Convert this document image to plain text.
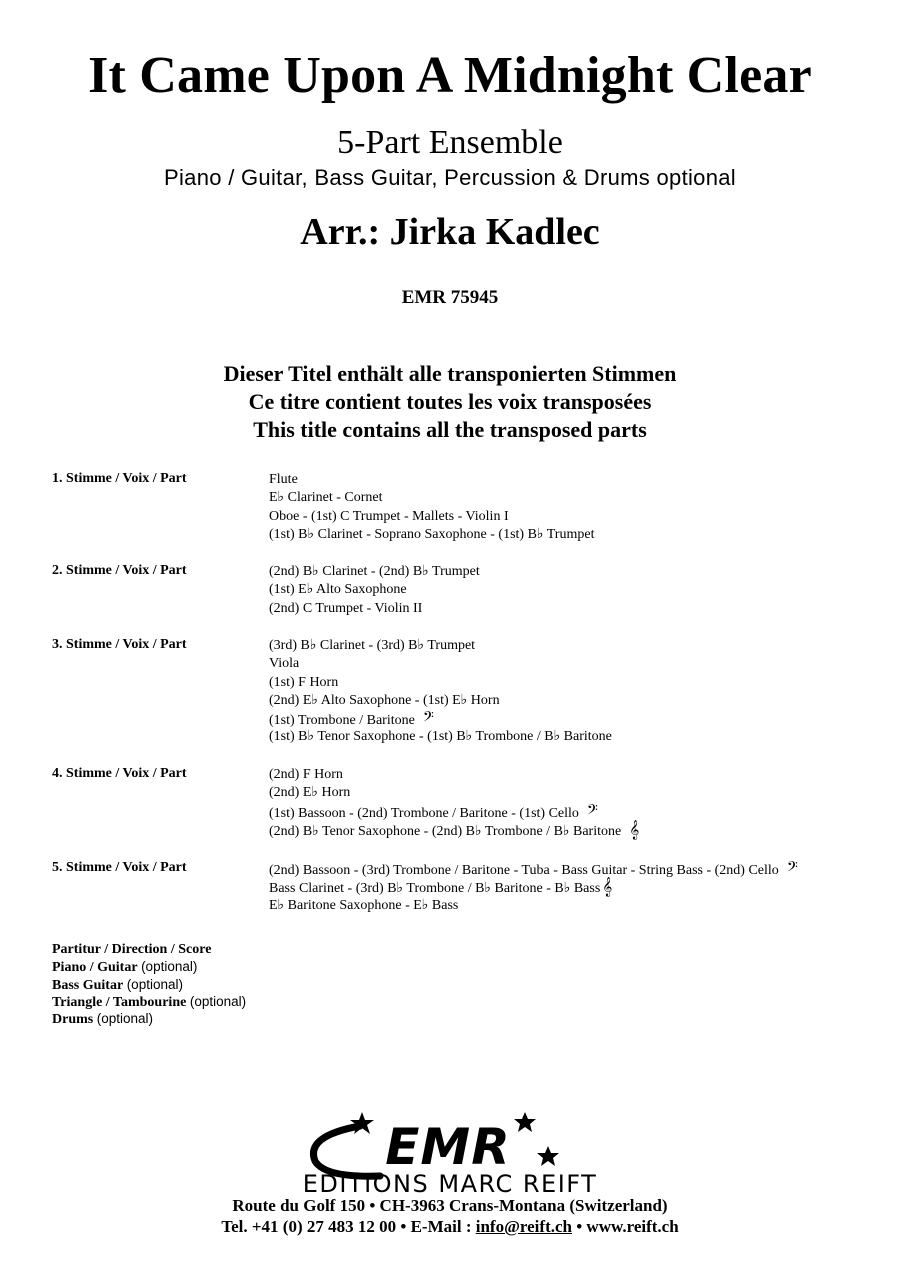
It Came Upon A Midnight Clear
5-Part Ensemble
Piano / Guitar, Bass Guitar, Percussion & Drums optional
Arr.: Jirka Kadlec
EMR 75945
Dieser Titel enthält alle transponierten Stimmen
Ce titre contient toutes les voix transposées
This title contains all the transposed parts
1. Stimme / Voix / Part	Flute
E♭ Clarinet - Cornet
Oboe - (1st) C Trumpet - Mallets - Violin I
(1st) B♭ Clarinet - Soprano Saxophone - (1st) B♭ Trumpet
2. Stimme / Voix / Part	(2nd) B♭ Clarinet - (2nd) B♭ Trumpet
(1st) E♭ Alto Saxophone
(2nd) C Trumpet - Violin II
3. Stimme / Voix / Part	(3rd) B♭ Clarinet - (3rd) B♭ Trumpet
Viola
(1st) F Horn
(2nd) E♭ Alto Saxophone - (1st) E♭ Horn
(1st) Trombone / Baritone 𝄢
(1st) B♭ Tenor Saxophone - (1st) B♭ Trombone / B♭ Baritone
4. Stimme / Voix / Part	(2nd) F Horn
(2nd) E♭ Horn
(1st) Bassoon - (2nd) Trombone / Baritone - (1st) Cello 𝄢
(2nd) B♭ Tenor Saxophone - (2nd) B♭ Trombone / B♭ Baritone 𝄞
5. Stimme / Voix / Part	(2nd) Bassoon - (3rd) Trombone / Baritone - Tuba - Bass Guitar - String Bass - (2nd) Cello 𝄢
Bass Clarinet - (3rd) B♭ Trombone / B♭ Baritone - B♭ Bass 𝄞
E♭ Baritone Saxophone - E♭ Bass
Partitur / Direction / Score
Piano / Guitar (optional)
Bass Guitar (optional)
Triangle / Tambourine (optional)
Drums (optional)
EMR
EDITIONS MARC REIFT
Route du Golf 150 • CH-3963 Crans-Montana (Switzerland)
Tel. +41 (0) 27 483 12 00 • E-Mail : info@reift.ch • www.reift.ch
